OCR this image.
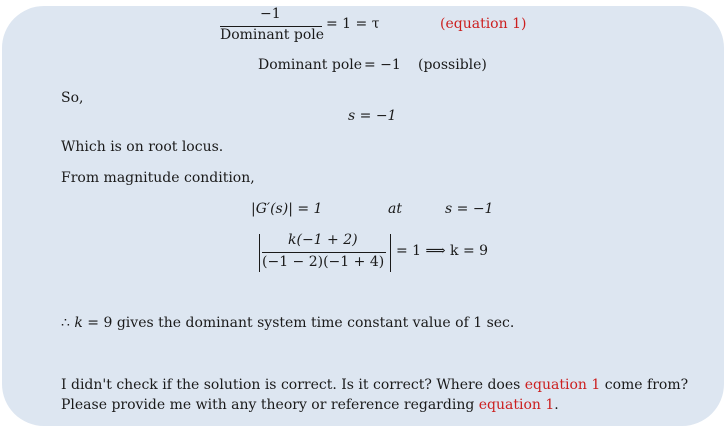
−1
Dominant pole
= 1 = τ	(equation 1)
Dominant pole = −1 (possible)
So,
s = −1
Which is on root locus.
From magnitude condition,
|G′(s)| = 1	at	s = −1
k(−1 + 2)
(−1 − 2)(−1 + 4)
= 1 ⟹ k = 9
∴ k = 9 gives the dominant system time constant value of 1 sec.
I didn't check if the solution is correct. Is it correct? Where does equation 1 come from?
Please provide me with any theory or reference regarding equation 1.
